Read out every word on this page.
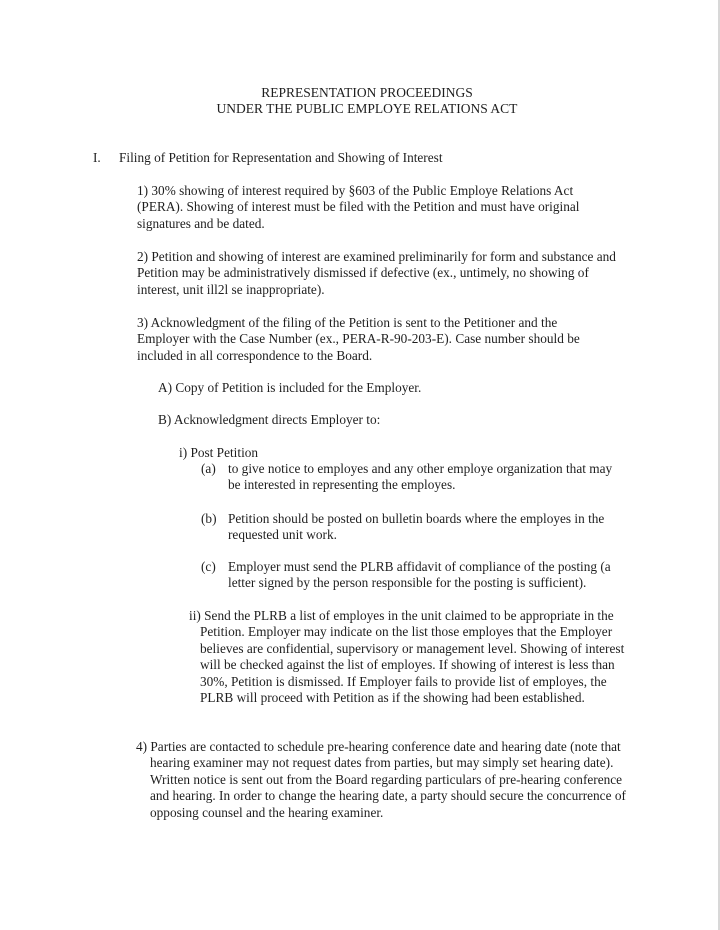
REPRESENTATION PROCEEDINGS
UNDER THE PUBLIC EMPLOYE RELATIONS ACT
I. Filing of Petition for Representation and Showing of Interest

1) 30% showing of interest required by §603 of the Public Employe Relations Act (PERA). Showing of interest must be filed with the Petition and must have original signatures and be dated.

2) Petition and showing of interest are examined preliminarily for form and substance and Petition may be administratively dismissed if defective (ex., untimely, no showing of interest, unit ill2l se inappropriate).

3) Acknowledgment of the filing of the Petition is sent to the Petitioner and the Employer with the Case Number (ex., PERA-R-90-203-E). Case number should be included in all correspondence to the Board.

A) Copy of Petition is included for the Employer.

B) Acknowledgment directs Employer to:

i) Post Petition

(a) to give notice to employes and any other employe organization that may be interested in representing the employes.
(b) Petition should be posted on bulletin boards where the employes in the requested unit work.
(c) Employer must send the PLRB affidavit of compliance of the posting (a letter signed by the person responsible for the posting is sufficient).
ii) Send the PLRB a list of employes in the unit claimed to be appropriate in the Petition. Employer may indicate on the list those employes that the Employer believes are confidential, supervisory or management level. Showing of interest will be checked against the list of employes. If showing of interest is less than 30%, Petition is dismissed. If Employer fails to provide list of employes, the PLRB will proceed with Petition as if the showing had been established.

4) Parties are contacted to schedule pre-hearing conference date and hearing date (note that hearing examiner may not request dates from parties, but may simply set hearing date). Written notice is sent out from the Board regarding particulars of pre-hearing conference and hearing. In order to change the hearing date, a party should secure the concurrence of opposing counsel and the hearing examiner.
